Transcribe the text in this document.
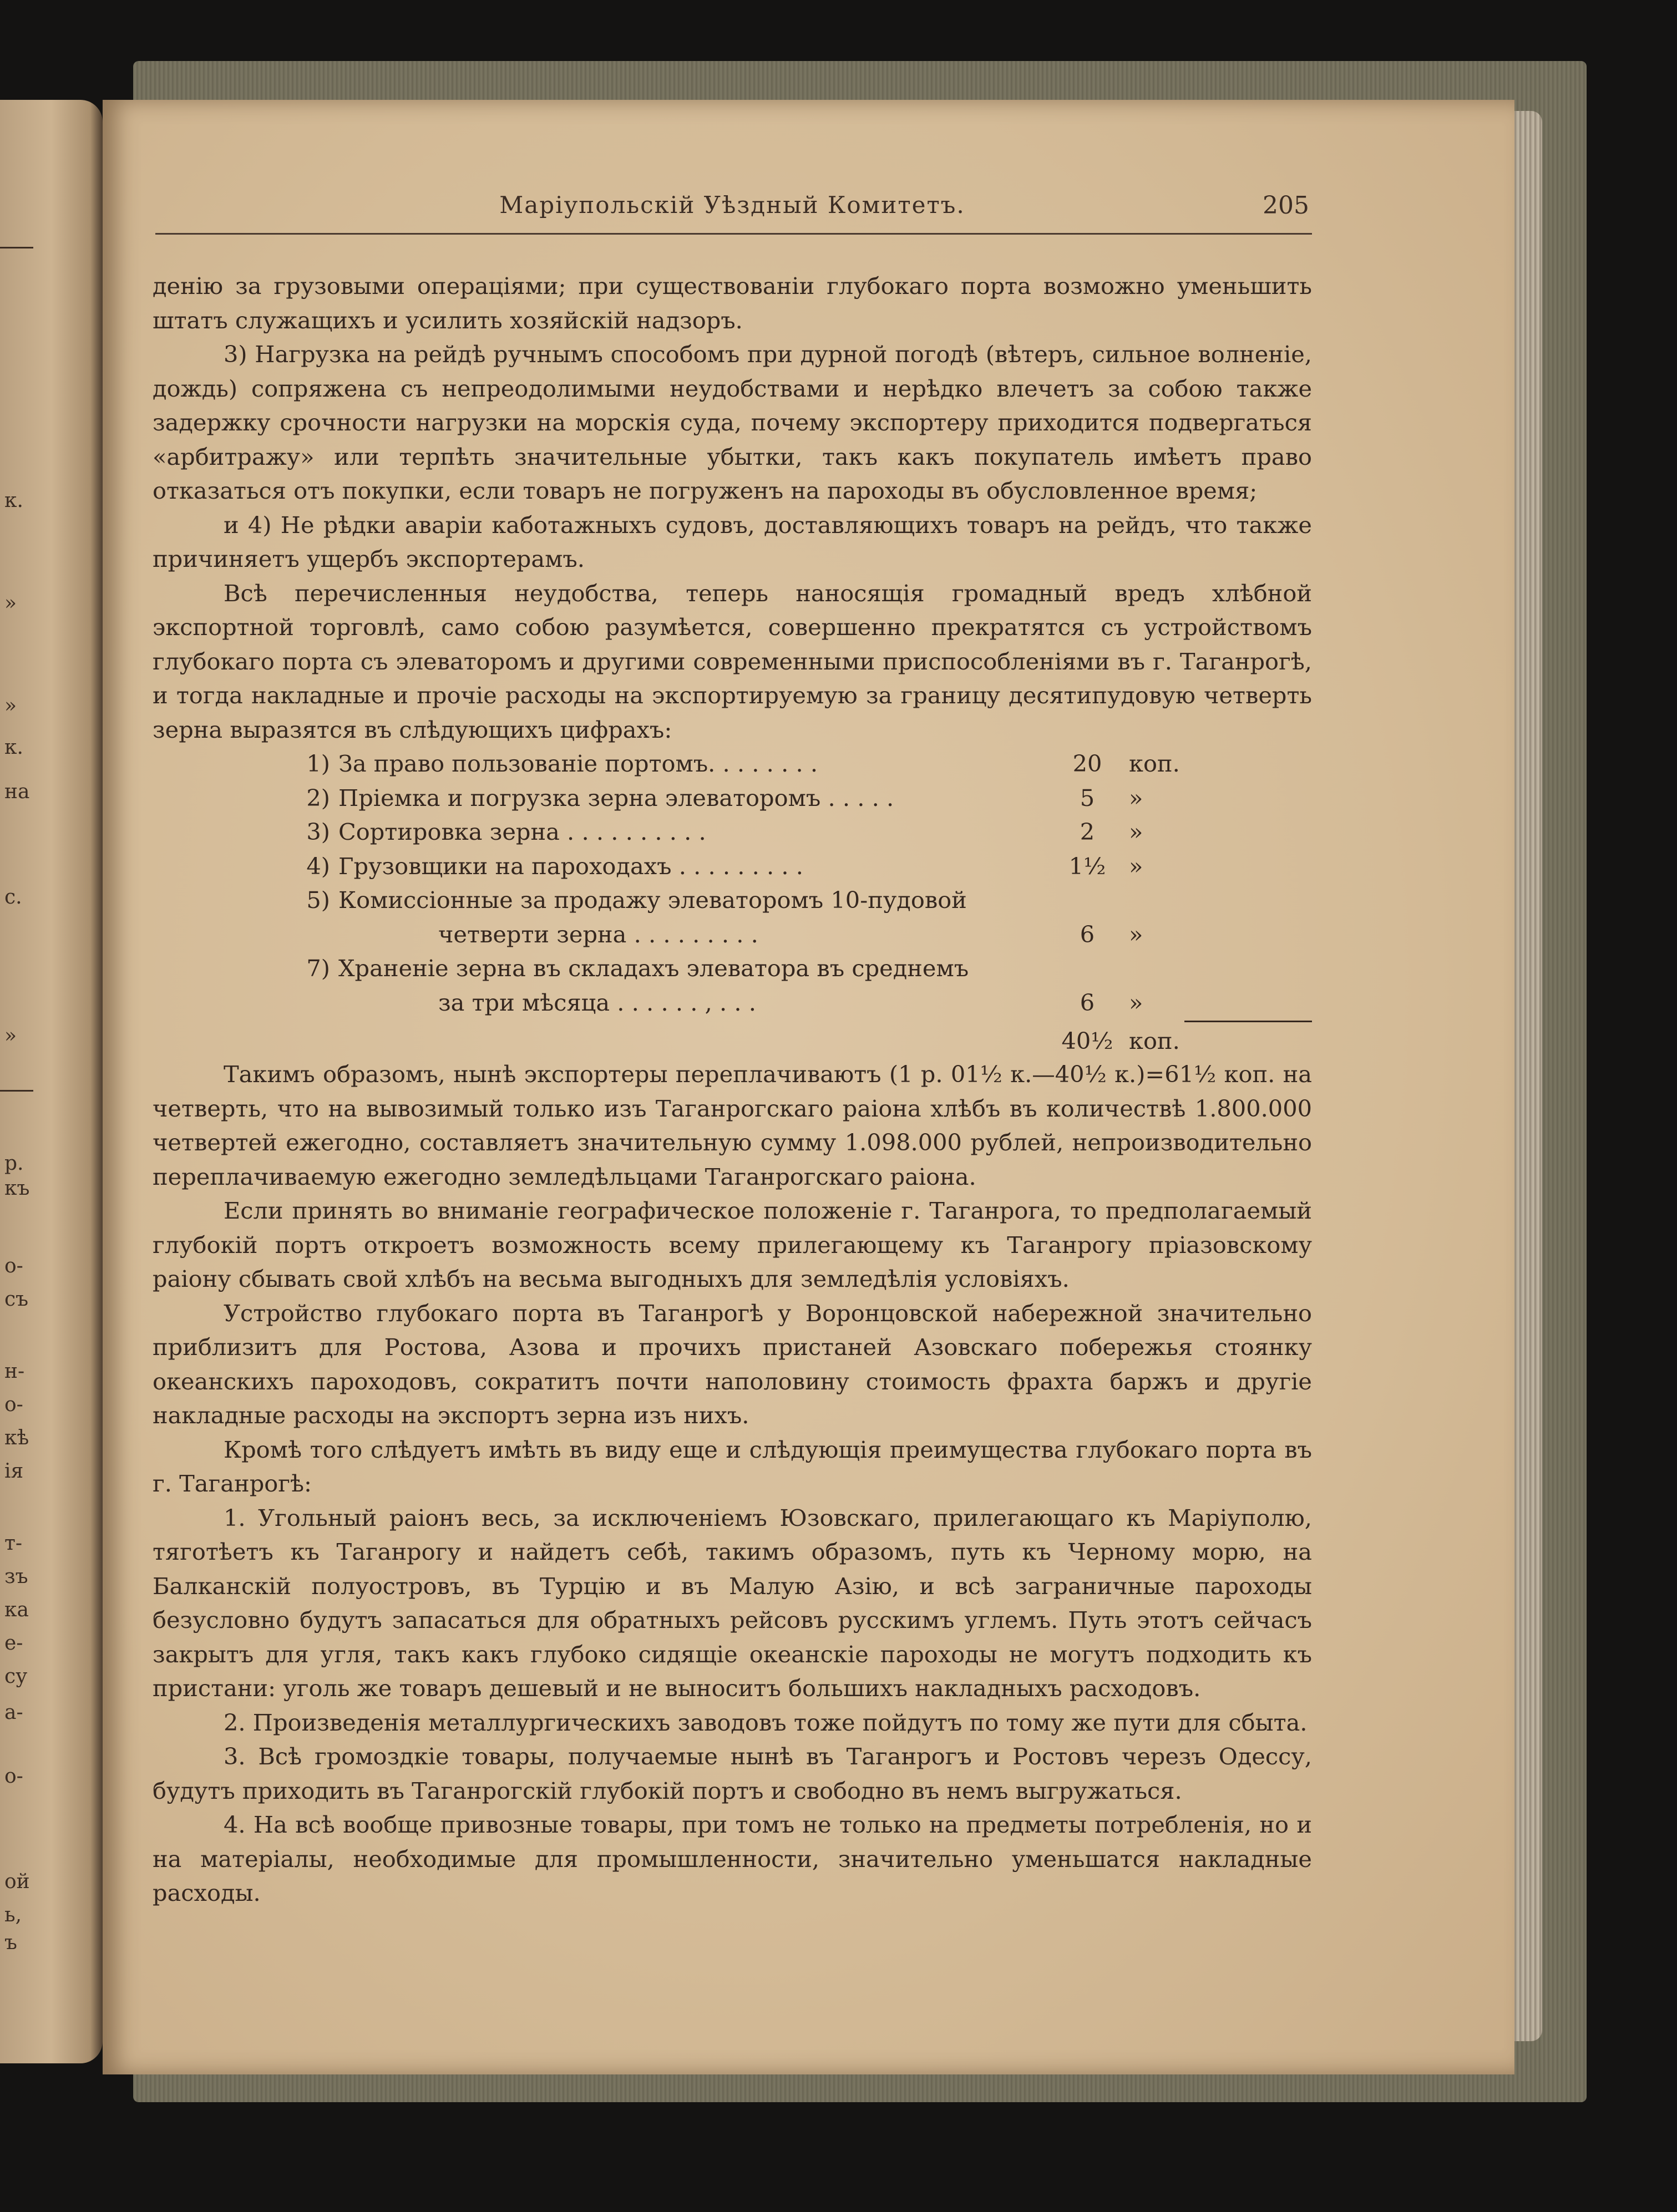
к.
»
»
к.
на
с.
»
р.
къ
о-
съ
н-
о-
кѣ
ія
т-
зъ
ка
е-
су
а-
о-
ой
ь,
ъ
Маріупольскій Уѣздный Комитетъ.	205

денію за грузовыми операціями; при существованіи глубокаго порта возможно уменьшить штатъ служащихъ и усилить хозяйскій надзоръ.

3) Нагрузка на рейдѣ ручнымъ способомъ при дурной погодѣ (вѣтеръ, сильное волненіе, дождь) сопряжена съ непреодолимыми неудобствами и нерѣдко влечетъ за собою также задержку срочности нагрузки на морскія суда, почему экспортеру приходится подвергаться «арбитражу» или терпѣть значительные убытки, такъ какъ покупатель имѣетъ право отказаться отъ покупки, если товаръ не погруженъ на пароходы въ обусловленное время;

и 4) Не рѣдки аваріи каботажныхъ судовъ, доставляющихъ товаръ на рейдъ, что также причиняетъ ущербъ экспортерамъ.

Всѣ перечисленныя неудобства, теперь наносящія громадный вредъ хлѣбной экспортной торговлѣ, само собою разумѣется, совершенно прекратятся съ устройствомъ глубокаго порта съ элеваторомъ и другими современными приспособленіями въ г. Таганрогѣ, и тогда накладные и прочіе расходы на экспортируемую за границу десятипудовую четверть зерна выразятся въ слѣдующихъ цифрахъ:

1) За право пользованіе портомъ. . . . . . . .	20	коп.
2) Пріемка и погрузка зерна элеваторомъ . . . . .	5	»
3) Сортировка зерна . . . . . . . . . .	2	»
4) Грузовщики на пароходахъ . . . . . . . . .	1½	»
5) Комиссіонные за продажу элеваторомъ 10-пудовой
четверти зерна . . . . . . . . .	6	»
7) Храненіе зерна въ складахъ элеватора въ среднемъ
за три мѣсяца . . . . . . , . . .	6	»
40½ коп.

Такимъ образомъ, нынѣ экспортеры переплачиваютъ (1 р. 01½ к.—40½ к.)=61½ коп. на четверть, что на вывозимый только изъ Таганрогскаго раіона хлѣбъ въ количествѣ 1.800.000 четвертей ежегодно, составляетъ значительную сумму 1.098.000 рублей, непроизводительно переплачиваемую ежегодно земледѣльцами Таганрогскаго раіона.

Если принять во вниманіе географическое положеніе г. Таганрога, то предполагаемый глубокій портъ откроетъ возможность всему прилегающему къ Таганрогу пріазовскому раіону сбывать свой хлѣбъ на весьма выгодныхъ для земледѣлія условіяхъ.

Устройство глубокаго порта въ Таганрогѣ у Воронцовской набережной значительно приблизитъ для Ростова, Азова и прочихъ пристаней Азовскаго побережья стоянку океанскихъ пароходовъ, сократитъ почти наполовину стоимость фрахта баржъ и другіе накладные расходы на экспортъ зерна изъ нихъ.

Кромѣ того слѣдуетъ имѣть въ виду еще и слѣдующія преимущества глубокаго порта въ г. Таганрогѣ:

1. Угольный раіонъ весь, за исключеніемъ Юзовскаго, прилегающаго къ Маріуполю, тяготѣетъ къ Таганрогу и найдетъ себѣ, такимъ образомъ, путь къ Черному морю, на Балканскій полуостровъ, въ Турцію и въ Малую Азію, и всѣ заграничные пароходы безусловно будутъ запасаться для обратныхъ рейсовъ русскимъ углемъ. Путь этотъ сейчасъ закрытъ для угля, такъ какъ глубоко сидящіе океанскіе пароходы не могутъ подходить къ пристани: уголь же товаръ дешевый и не выноситъ большихъ накладныхъ расходовъ.

2. Произведенія металлургическихъ заводовъ тоже пойдутъ по тому же пути для сбыта.

3. Всѣ громоздкіе товары, получаемые нынѣ въ Таганрогъ и Ростовъ черезъ Одессу, будутъ приходить въ Таганрогскій глубокій портъ и свободно въ немъ выгружаться.

4. На всѣ вообще привозные товары, при томъ не только на предметы потребленія, но и на матеріалы, необходимые для промышленности, значительно уменьшатся накладные расходы.
